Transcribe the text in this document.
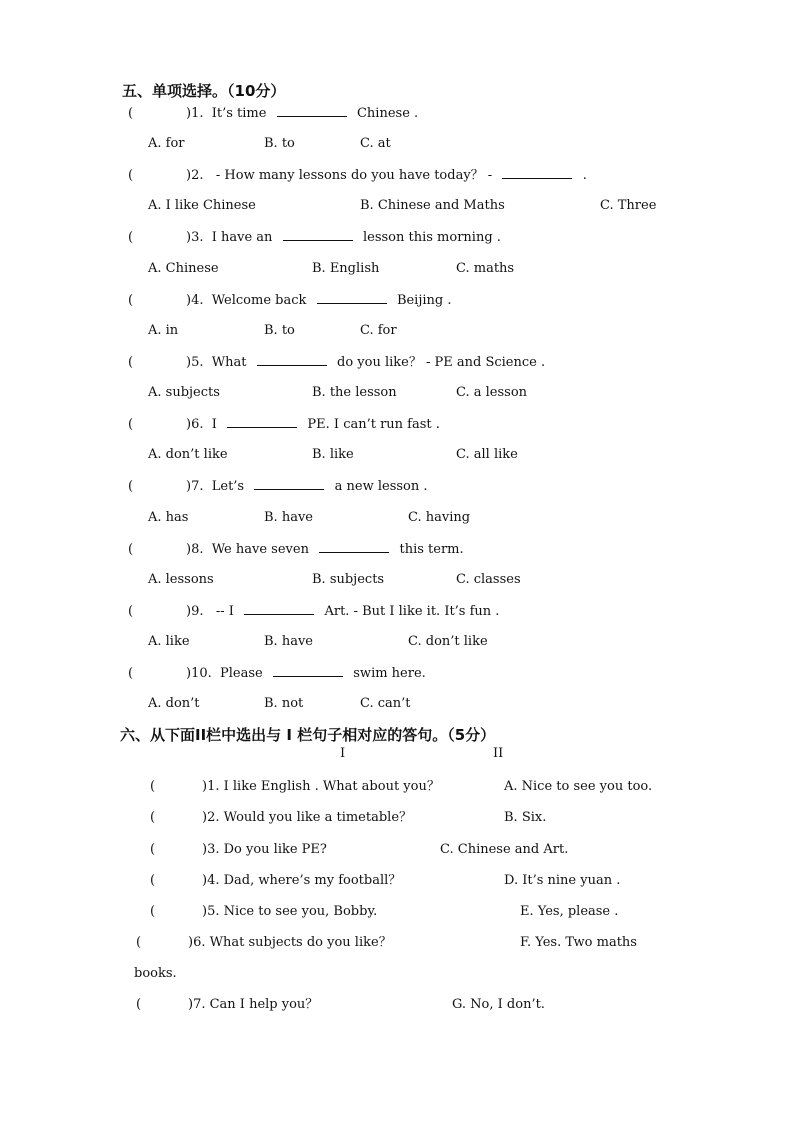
五、单项选择。（10分）
(	)1. It’s time	Chinese .
A. for	B. to	C. at
(	)2. - How many lessons do you have today？ -	.
A. I like Chinese	B. Chinese and Maths	C. Three
(	)3. I have an	lesson this morning .
A. Chinese	B. English	C. maths
(	)4. Welcome back	Beijing .
A. in	B. to	C. for
(	)5. What	do you like？ - PE and Science .
A. subjects	B. the lesson	C. a lesson
(	)6. I	PE. I can’t run fast .
A. don’t like	B. like	C. all like
(	)7. Let’s	a new lesson .
A. has	B. have	C. having
(	)8. We have seven	this term.
A. lessons	B. subjects	C. classes
(	)9. -- I	Art. - But I like it. It’s fun .
A. like	B. have	C. don’t like
(	)10. Please	swim here.
A. don’t	B. not	C. can’t
六、从下面II栏中选出与 I 栏句子相对应的答句。（5分）
I	II
(	)1. I like English . What about you？	A. Nice to see you too.
(	)2. Would you like a timetable？	B. Six.
(	)3. Do you like PE?	C. Chinese and Art.
(	)4. Dad, where’s my football？	D. It’s nine yuan .
(	)5. Nice to see you, Bobby.	E. Yes, please .
(	)6. What subjects do you like？	F. Yes. Two maths
books.
(	)7. Can I help you？	G. No, I don’t.
